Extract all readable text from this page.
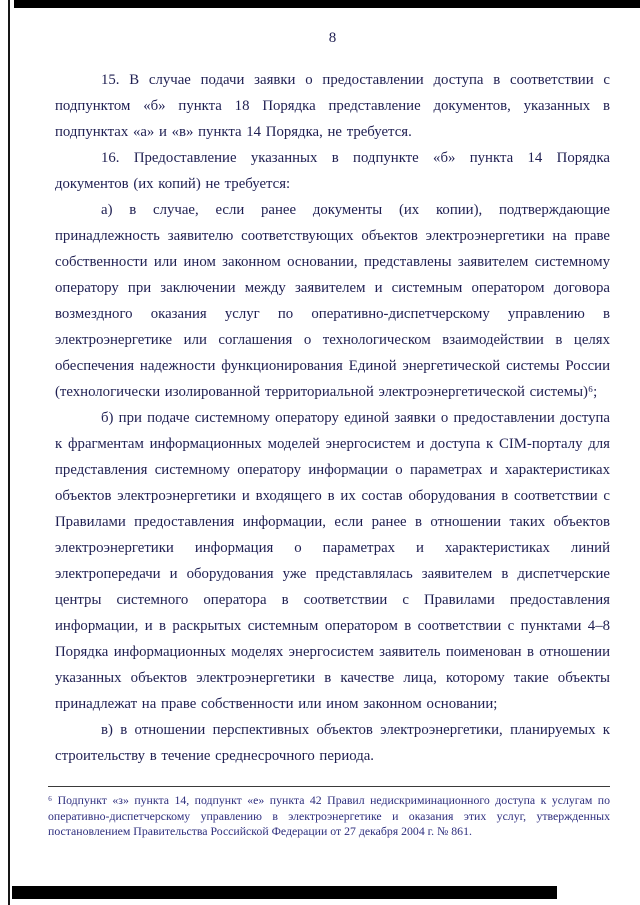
8

15. В случае подачи заявки о предоставлении доступа в соответствии с подпунктом «б» пункта 18 Порядка представление документов, указанных в подпунктах «а» и «в» пункта 14 Порядка, не требуется.

16. Предоставление указанных в подпункте «б» пункта 14 Порядка документов (их копий) не требуется:

а) в случае, если ранее документы (их копии), подтверждающие принадлежность заявителю соответствующих объектов электроэнергетики на праве собственности или ином законном основании, представлены заявителем системному оператору при заключении между заявителем и системным оператором договора возмездного оказания услуг по оперативно-диспетчерскому управлению в электроэнергетике или соглашения о технологическом взаимодействии в целях обеспечения надежности функционирования Единой энергетической системы России (технологически изолированной территориальной электроэнергетической системы)⁶;

б) при подаче системному оператору единой заявки о предоставлении доступа к фрагментам информационных моделей энергосистем и доступа к CIM-порталу для представления системному оператору информации о параметрах и характеристиках объектов электроэнергетики и входящего в их состав оборудования в соответствии с Правилами предоставления информации, если ранее в отношении таких объектов электроэнергетики информация о параметрах и характеристиках линий электропередачи и оборудования уже представлялась заявителем в диспетчерские центры системного оператора в соответствии с Правилами предоставления информации, и в раскрытых системным оператором в соответствии с пунктами 4–8 Порядка информационных моделях энергосистем заявитель поименован в отношении указанных объектов электроэнергетики в качестве лица, которому такие объекты принадлежат на праве собственности или ином законном основании;

в) в отношении перспективных объектов электроэнергетики, планируемых к строительству в течение среднесрочного периода.

⁶ Подпункт «з» пункта 14, подпункт «е» пункта 42 Правил недискриминационного доступа к услугам по оперативно-диспетчерскому управлению в электроэнергетике и оказания этих услуг, утвержденных постановлением Правительства Российской Федерации от 27 декабря 2004 г. № 861.
